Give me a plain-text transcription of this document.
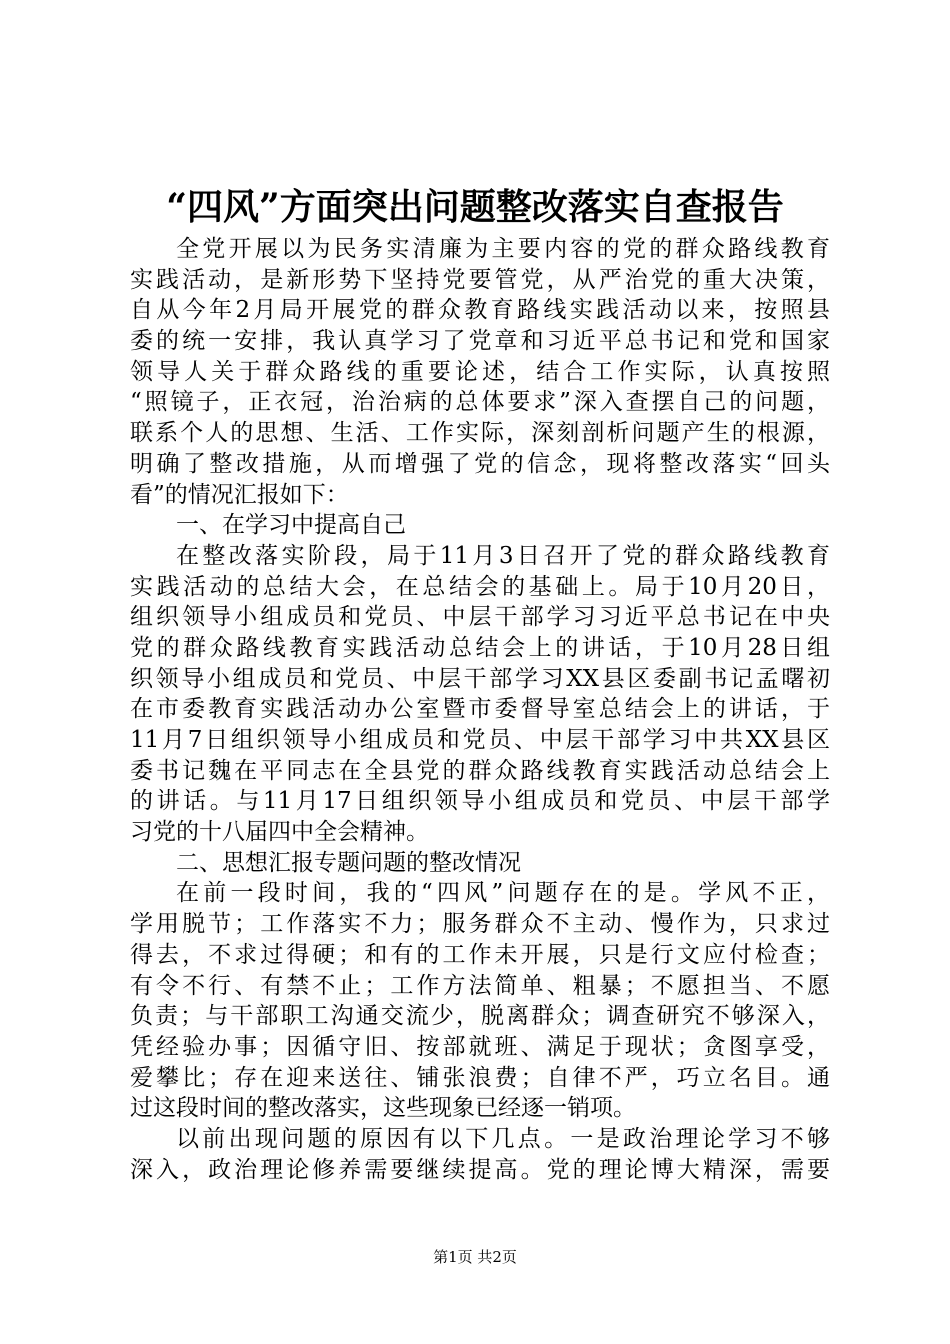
“四风”方面突出问题整改落实自查报告
全党开展以为民务实清廉为主要内容的党的群众路线教育
实践活动，是新形势下坚持党要管党，从严治党的重大决策，
自从今年2月局开展党的群众教育路线实践活动以来，按照县
委的统一安排，我认真学习了党章和习近平总书记和党和国家
领导人关于群众路线的重要论述，结合工作实际，认真按照
“照镜子，正衣冠，治治病的总体要求”深入查摆自己的问题，
联系个人的思想、生活、工作实际，深刻剖析问题产生的根源，
明确了整改措施，从而增强了党的信念，现将整改落实“回头
看”的情况汇报如下：
一、在学习中提高自己
在整改落实阶段，局于11月3日召开了党的群众路线教育
实践活动的总结大会，在总结会的基础上。局于10月20日，
组织领导小组成员和党员、中层干部学习习近平总书记在中央
党的群众路线教育实践活动总结会上的讲话，于10月28日组
织领导小组成员和党员、中层干部学习XX县区委副书记孟曙初
在市委教育实践活动办公室暨市委督导室总结会上的讲话，于
11月7日组织领导小组成员和党员、中层干部学习中共XX县区
委书记魏在平同志在全县党的群众路线教育实践活动总结会上
的讲话。与11月17日组织领导小组成员和党员、中层干部学
习党的十八届四中全会精神。
二、思想汇报专题问题的整改情况
在前一段时间，我的“四风”问题存在的是。学风不正，
学用脱节；工作落实不力；服务群众不主动、慢作为，只求过
得去，不求过得硬；和有的工作未开展，只是行文应付检查；
有令不行、有禁不止；工作方法简单、粗暴；不愿担当、不愿
负责；与干部职工沟通交流少，脱离群众；调查研究不够深入，
凭经验办事；因循守旧、按部就班、满足于现状；贪图享受，
爱攀比；存在迎来送往、铺张浪费；自律不严，巧立名目。通
过这段时间的整改落实，这些现象已经逐一销项。
以前出现问题的原因有以下几点。一是政治理论学习不够
深入，政治理论修养需要继续提高。党的理论博大精深，需要
第1页 共2页
